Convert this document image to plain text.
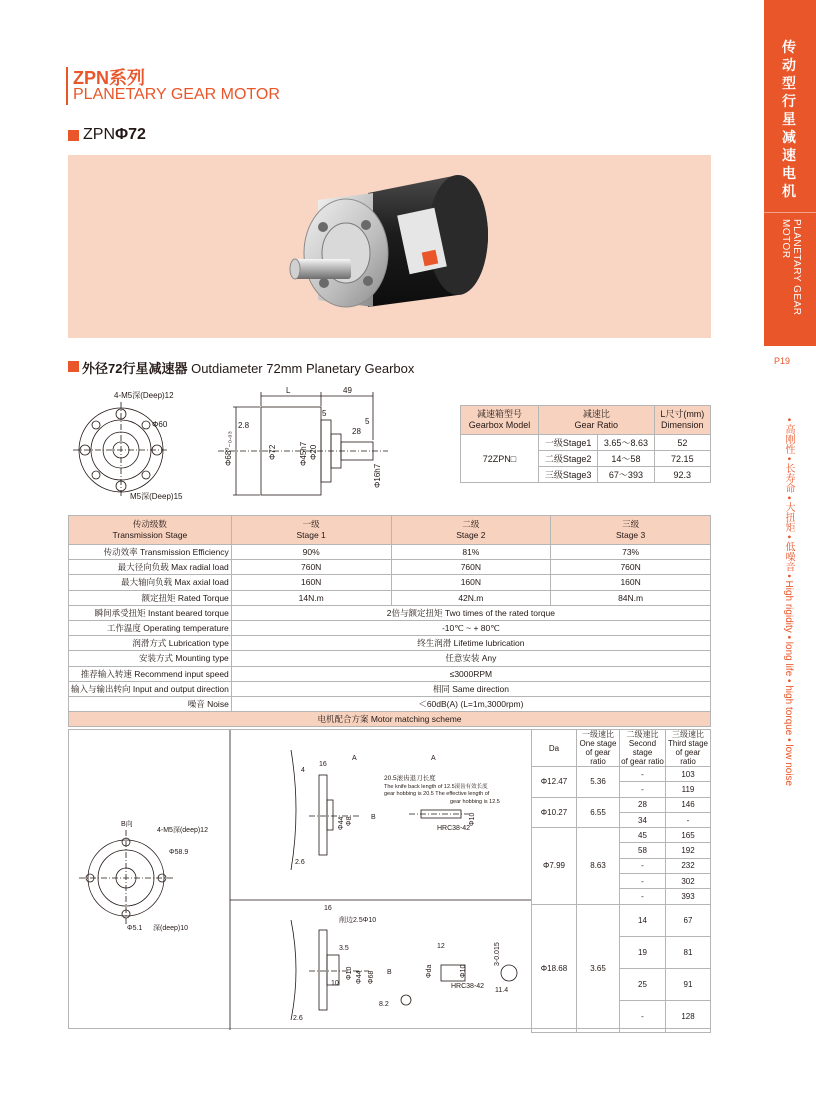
传动型行星减速电机
PLANETARY GEAR MOTOR
P19
• 高刚性 • 长寿命 • 大扭矩 • 低噪音 • High rigidity • long life • high torque • low noise
ZPN系列
PLANETARY GEAR MOTOR
ZPNΦ72
外径72行星减速器 Outdiameter 72mm Planetary Gearbox
4-M5深(Deep)12
Φ60
M5深(Deep)15
L	49
5
5
28
2.8
Φ68⁰₋₀.₀₃	Φ72	Φ45h7 Φ20
Φ16h7
减速箱型号
Gearbox Model	减速比
Gear Ratio		L尺寸(mm)
Dimension
72ZPN□	一级Stage1	3.65～8.63	52
	二级Stage2	14～58	72.15
	三级Stage3	67～393	92.3
传动级数
Transmission Stage	一级
Stage 1	二级
Stage 2	三级
Stage 3
传动效率 Transmission Efficiency	90%	81%	73%
最大径向负载 Max radial load	760N	760N	760N
最大轴向负载 Max axial load	160N	160N	160N
额定扭矩 Rated Torque	14N.m	42N.m	84N.m
瞬间承受扭矩 Instant beared torque	2倍与额定扭矩 Two times of the rated torque		
工作温度 Operating temperature	-10℃ ~ + 80℃		
润滑方式 Lubrication type	终生润滑 Lifetime lubrication		
安装方式 Mounting type	任意安装 Any		
推荐输入转速 Recommend input speed	≤3000RPM		
输入与输出转向 Input and output direction	相同 Same direction		
噪音 Noise	＜60dB(A) (L=1m,3000rpm)		
电机配合方案 Motor matching scheme			
B向
4-M5深(deep)12
Φ58.9
Φ5.1 深(deep)10
A	A
16
4
Φ44 Φ8	B
2.6
20.5滚齿退刀长度
The knife back length of 12.5滚齿有效长度
gear hobbing is 20.5 The effective length of
gear hobbing is 12.5
Φ10
HRC38-42
16
削边2.5Φ10
3.5
Φ10 Φ44 Φ68
10
B
8.2
2.6
12
Φ10
Φda
3-0.015
11.4
HRC38-42
Da	一级速比
One stage
of gear ratio	二级速比
Second stage
of gear ratio	三级速比
Third stage
of gear ratio
Φ12.47	5.36	-	103
		-	119
Φ10.27	6.55	28	146
		34	-
Φ7.99	8.63	45	165
		58	192
		-	232
		-	302
		-	393
Φ18.68	3.65	14	67
		19	81
		25	91
		-	128
